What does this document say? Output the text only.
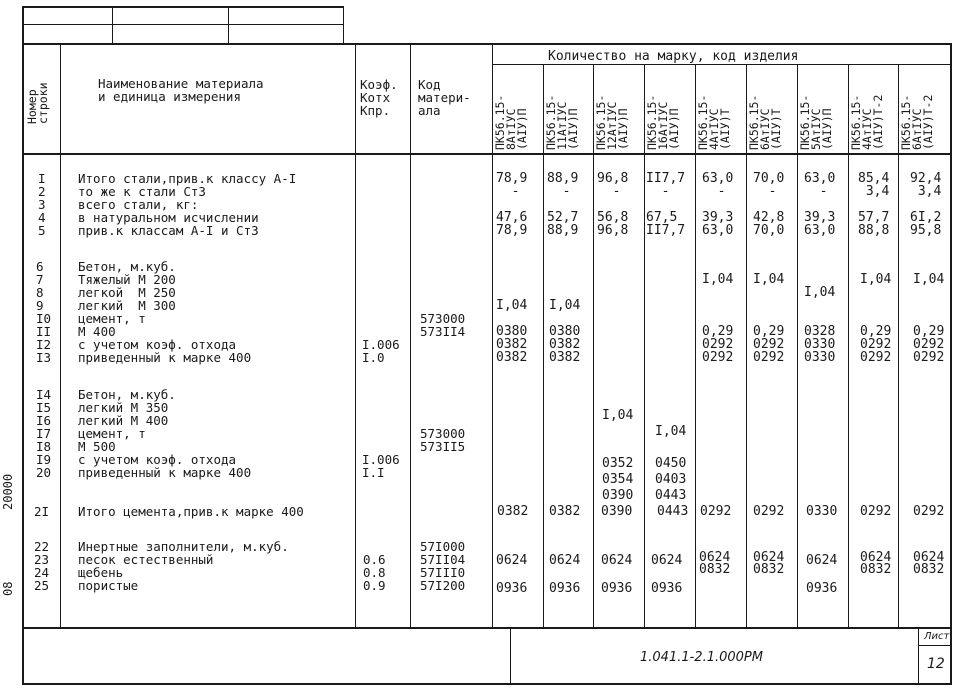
Номер
строки	Наименование материала
и единица измерения
Коэф.
Котх
Кпр.
Код
матери-
ала
Количество на марку, код изделия
ПК56.15-
8АтIУС
(АIУ)П ПК56.15-
11АтIУС
(АIУ)П ПК56.15-
12АтIУС
(АIУ)П ПК56.15-
16АтIУС
(АIУ)П ПК56.15-
4АтIУС
(АIУ)Т ПК56.15-
6АтIУС
(АIУ)Т ПК56.15-
5АтIУС
(АIУ)П ПК56.15-
4АтIУС
(АIУ)Т-2 ПК56.15-
6АтIУС
(АIУ)Т-2
I
2
3
4
5
Итого стали,прив.к классу А-I
то же к стали Ст3
всего стали, кг:
в натуральном исчислении
прив.к классам А-I и Ст3
78,9
-

47,6
78,9
88,9
-

52,7
88,9
96,8
-

56,8
96,8
II7,7
-

67,5
II7,7
63,0
-

39,3
63,0
70,0
-

42,8
70,0
63,0
-

39,3
63,0
85,4
3,4

57,7
88,8
92,4
3,4

6I,2
95,8
6
7
8
9
I0
II
I2
I3
Бетон, м.куб.
Тяжелый М 200
легкой  М 250
легкий  М 300
цемент, т
М 400
с учетом коэф. отхода
приведенный к марке 400

I.006
I.0

573000
573II4

I,04

0380
0382
0382

I,04

0380
0382
0382

I,04

0,29
0292
0292

I,04

0,29
0292
0292

I,04

0328
0330
0330

I,04

0,29
0292
0292

I,04

0,29
0292
0292
I4
I5
I6
I7
I8
I9
20
Бетон, м.куб.
легкий М 350
легкий М 400
цемент, т
М 500
с учетом коэф. отхода
приведенный к марке 400

I.006
I.I

573000
573II5

I,04

0352
0354
0390

I,04

0450
0403
0443
2I Итого цемента,прив.к марке 400	0382 0382 0390 0443 0292 0292 0330 0292 0292
22
23
24
25
Инертные заполнители, м.куб.
песок естественный
щебень
пористые

0.6
0.8
0.9
57I000
57II04
57III0
57I200

0624

0936

0624

0936

0624

0936

0624

0936

0624
0832

0624
0832

0624

0936

0624
0832

0624
0832
20000
08
1.041.1-2.1.000РМ
Лист
12
